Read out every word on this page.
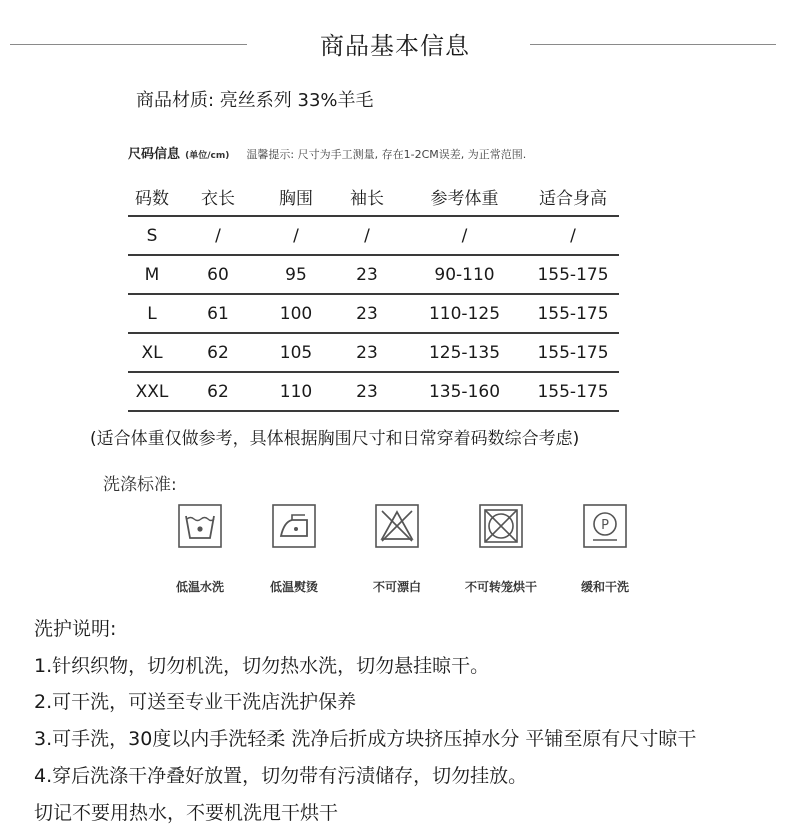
商品基本信息
商品材质: 亮丝系列 33%羊毛
尺码信息 (单位/cm) 温馨提示: 尺寸为手工测量, 存在1-2CM误差, 为正常范围.
码数	衣长	胸围	袖长	参考体重	适合身高
S	/	/	/	/	/
M	60	95	23	90-110	155-175
L	61	100	23	110-125	155-175
XL	62	105	23	125-135	155-175
XXL	62	110	23	135-160	155-175
(适合体重仅做参考，具体根据胸围尺寸和日常穿着码数综合考虑)
洗涤标准:
P
低温水洗	低温熨烫	不可漂白	不可转笼烘干	缓和干洗
洗护说明:
1.针织织物，切勿机洗，切勿热水洗，切勿悬挂晾干。
2.可干洗，可送至专业干洗店洗护保养
3.可手洗，30度以内手洗轻柔 洗净后折成方块挤压掉水分 平铺至原有尺寸晾干
4.穿后洗涤干净叠好放置，切勿带有污渍储存，切勿挂放。
切记不要用热水，不要机洗甩干烘干
